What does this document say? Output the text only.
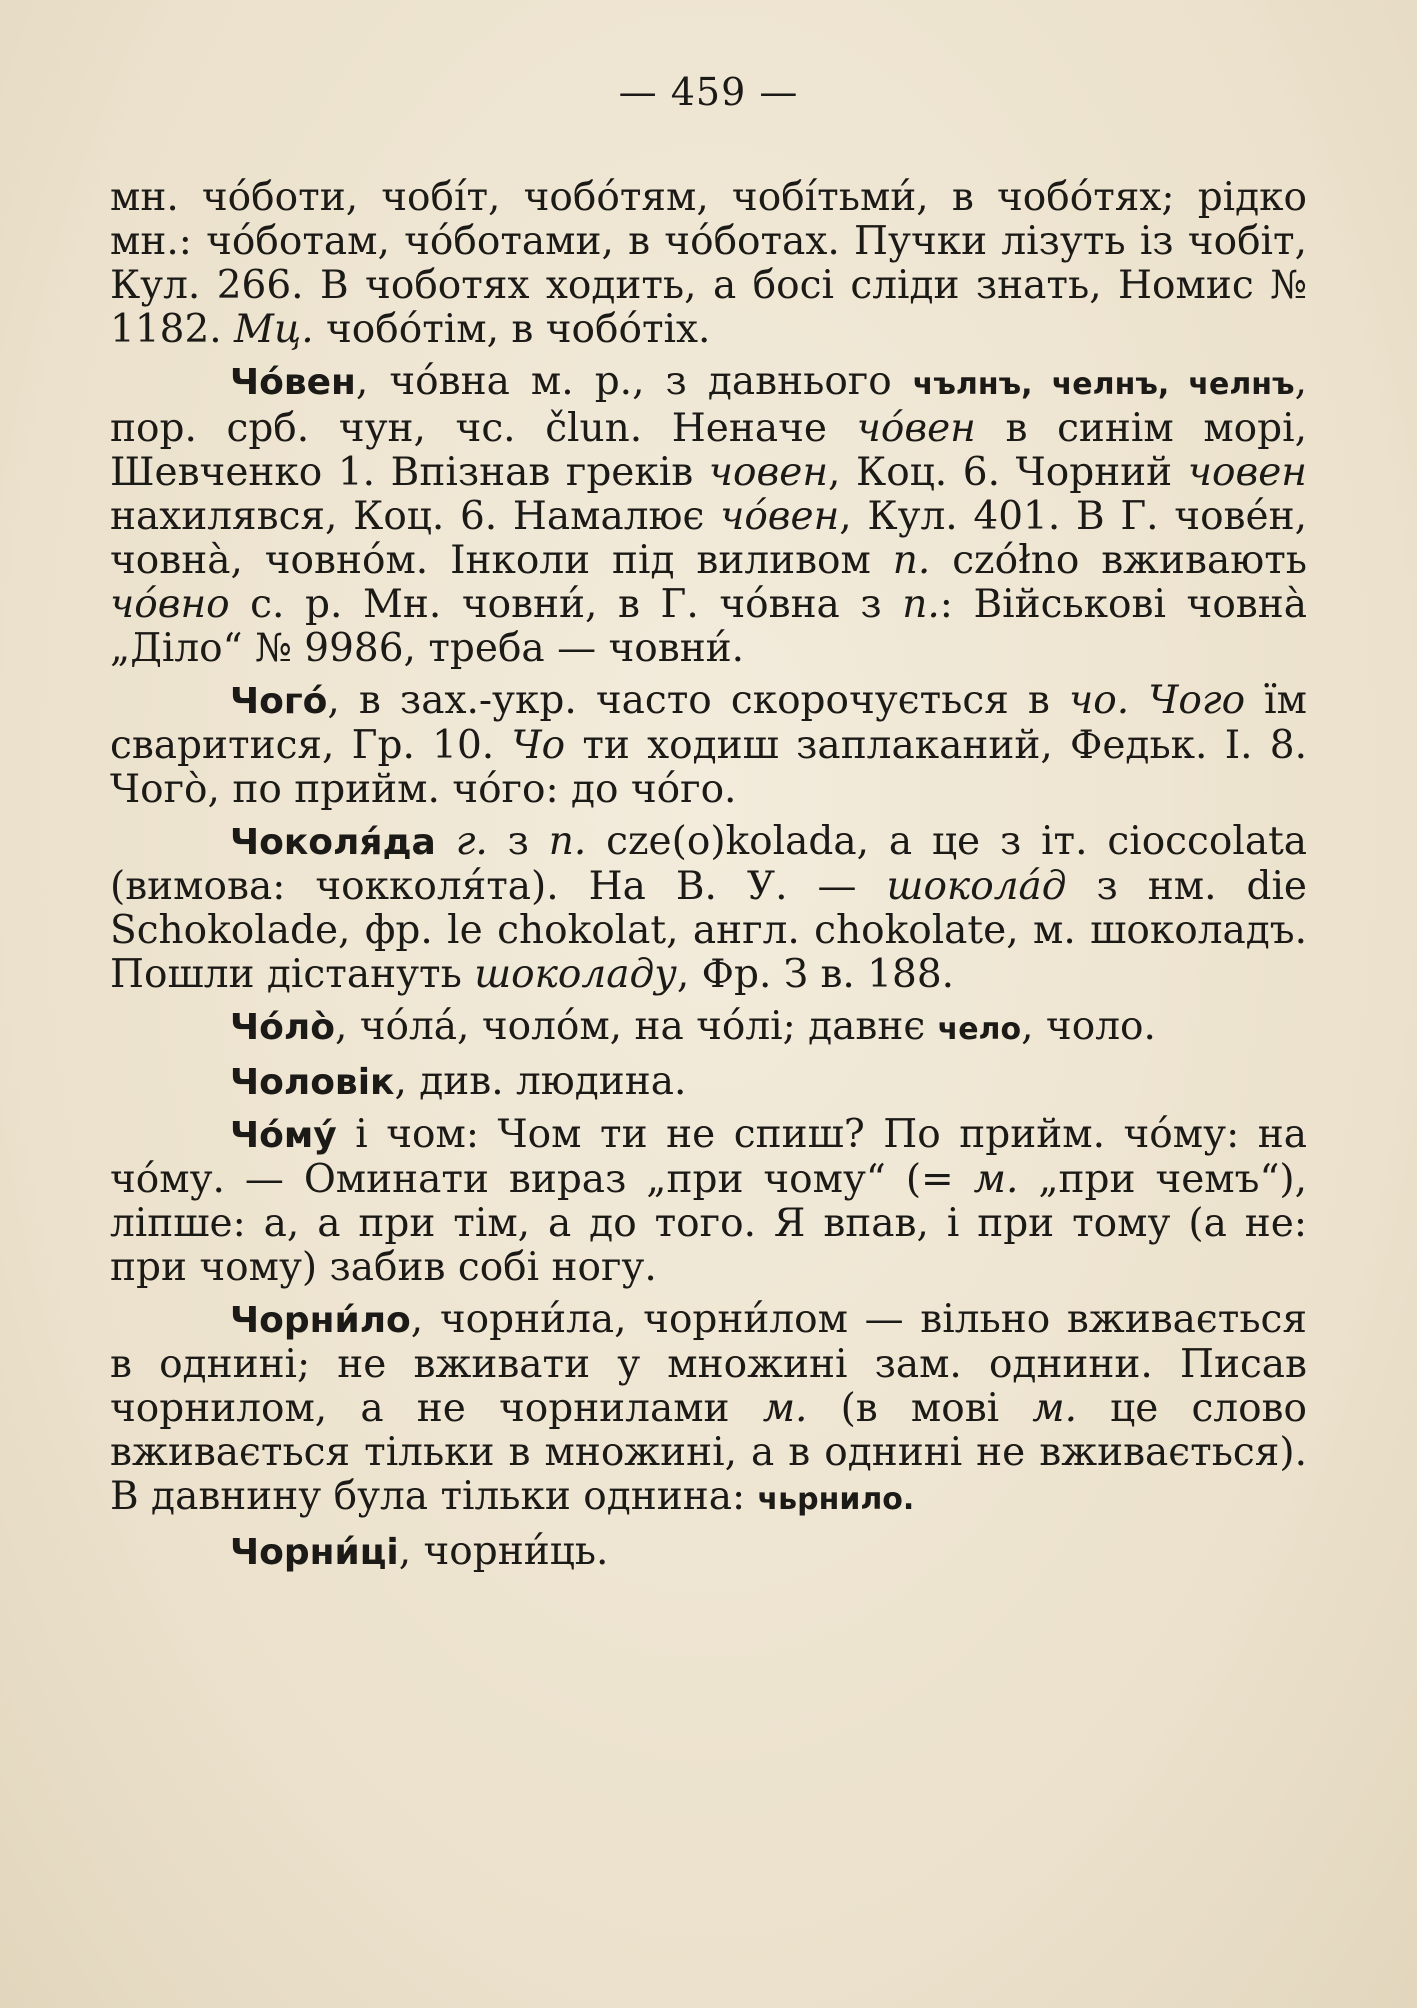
— 459 —

мн. чо́боти, чобі́т, чобо́тям, чобі́тьми́, в чобо́тях; рідко мн.: чо́ботам, чо́ботами, в чо́ботах. Пучки лізуть із чобіт, Кул. 266. В чоботях ходить, а босі сліди знать, Номис № 1182. Мц. чобо́тім, в чобо́тіх.

Чо́вен, чо́вна м. р., з давнього чълнъ, челнъ, челнъ, пор. срб. чун, чс. člun. Неначе чо́вен в синім морі, Шевченко 1. Впізнав греків човен, Коц. 6. Чорний човен нахилявся, Коц. 6. Намалює чо́вен, Кул. 401. В Г. чове́н, човна̀, човно́м. Інколи під виливом п. czółno вживають чо́вно с. р. Мн. човни́, в Г. чо́вна з п.: Військові човна̀ „Діло“ № 9986, треба — човни́.

Чого́, в зах.-укр. часто скорочується в чо. Чого їм сваритися, Гр. 10. Чо ти ходиш заплаканий, Федьк. І. 8. Чого̀, по прийм. чо́го: до чо́го.

Чоколя́да г. з п. cze(o)kolada, а це з іт. cioccolata (вимова: чокколя́та). На В. У. — шокола́д з нм. die Schokolade, фр. le chokolat, англ. chokolate, м. шоколадъ. Пошли дістануть шоколаду, Фр. З в. 188.

Чо́ло̀, чо́ла́, чоло́м, на чо́лі; давнє чело, чоло.

Чоловік, див. людина.

Чо́му́ і чом: Чом ти не спиш? По прийм. чо́му: на чо́му. — Оминати вираз „при чому“ (= м. „при чемъ“), ліпше: а, а при тім, а до того. Я впав, і при тому (а не: при чому) забив собі ногу.

Чорни́ло, чорни́ла, чорни́лом — вільно вживається в однині; не вживати у множині зам. однини. Писав чорнилом, а не чорнилами м. (в мові м. це слово вживається тільки в множині, а в однині не вживається). В давнину була тільки однина: чьрнило.

Чорни́ці, чорни́ць.
